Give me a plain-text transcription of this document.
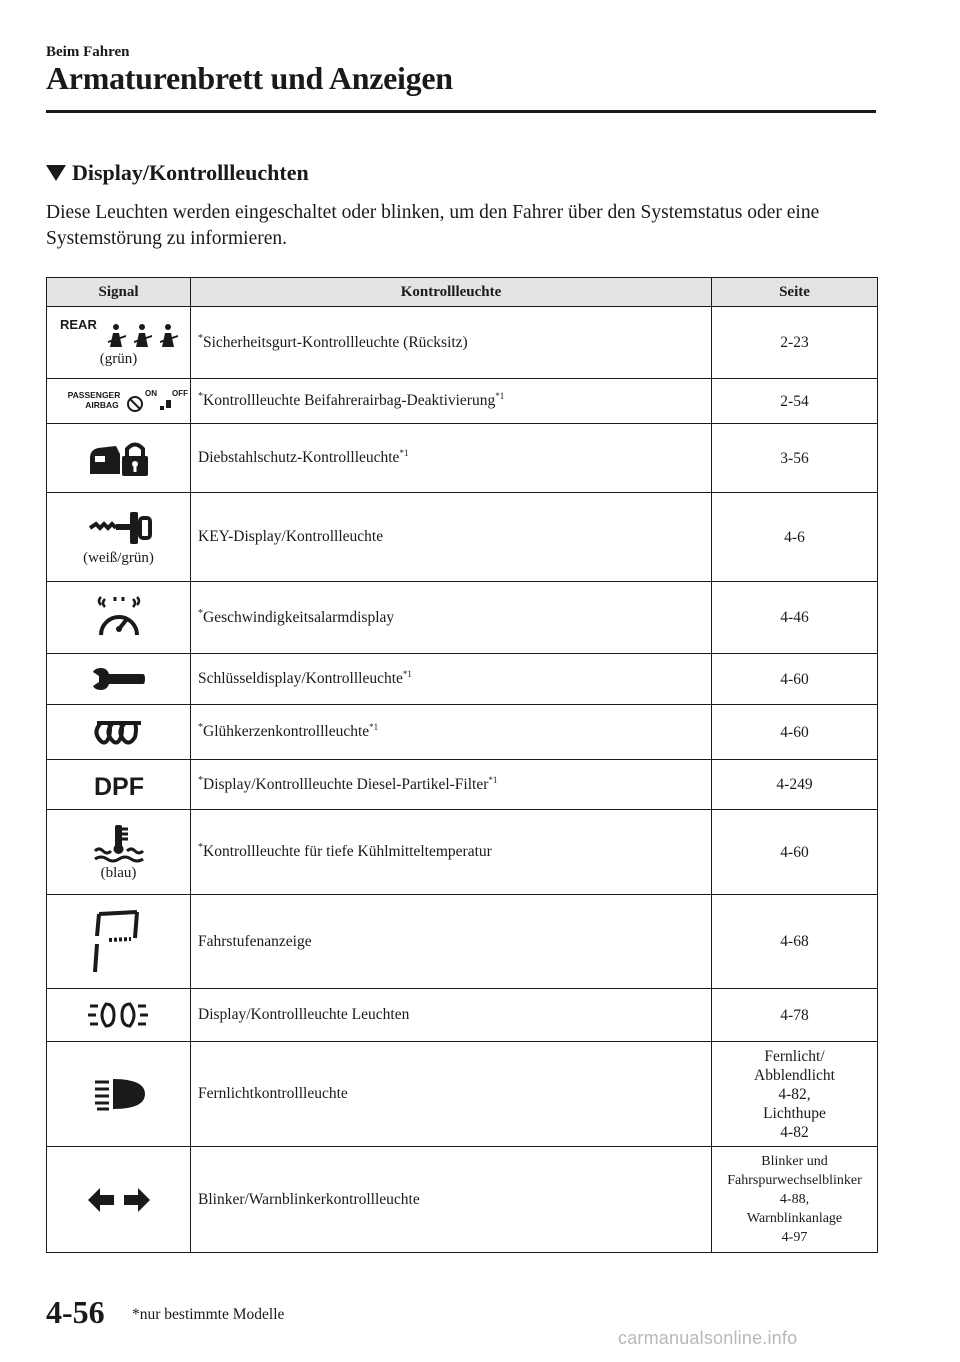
Beim Fahren
Armaturenbrett und Anzeigen
Display/Kontrollleuchten
Diese Leuchten werden eingeschaltet oder blinken, um den Fahrer über den Systemstatus oder eine Systemstörung zu informieren.
Signal	Kontrollleuchte	Seite

REAR
(grün)	*Sicherheitsgurt-Kontrollleuchte (Rücksitz)	2-23

PASSENGER
AIRBAG
ON OFF	*Kontrollleuchte Beifahrerairbag-Deaktivierung$^{*1}$	2-54
	Diebstahlschutz-Kontrollleuchte$^{*1}$	3-56

(weiß/grün)	KEY-Display/Kontrollleuchte	4-6
	*Geschwindigkeitsalarmdisplay	4-46
	Schlüsseldisplay/Kontrollleuchte$^{*1}$	4-60
	*Glühkerzenkontrollleuchte$^{*1}$	4-60

DPF	*Display/Kontrollleuchte Diesel-Partikel-Filter$^{*1}$	4-249

(blau)	*Kontrollleuchte für tiefe Kühlmitteltemperatur	4-60
	Fahrstufenanzeige	4-68
	Display/Kontrollleuchte Leuchten	4-78
	Fernlichtkontrollleuchte	Fernlicht/
Abblendlicht
4-82,
Lichthupe
4-82

	Blinker/Warnblinkerkontrollleuchte	Blinker und
Fahrspurwechselblinker
4-88,
Warnblinkanlage
4-97
4-56 *nur bestimmte Modelle
carmanualsonline.info
